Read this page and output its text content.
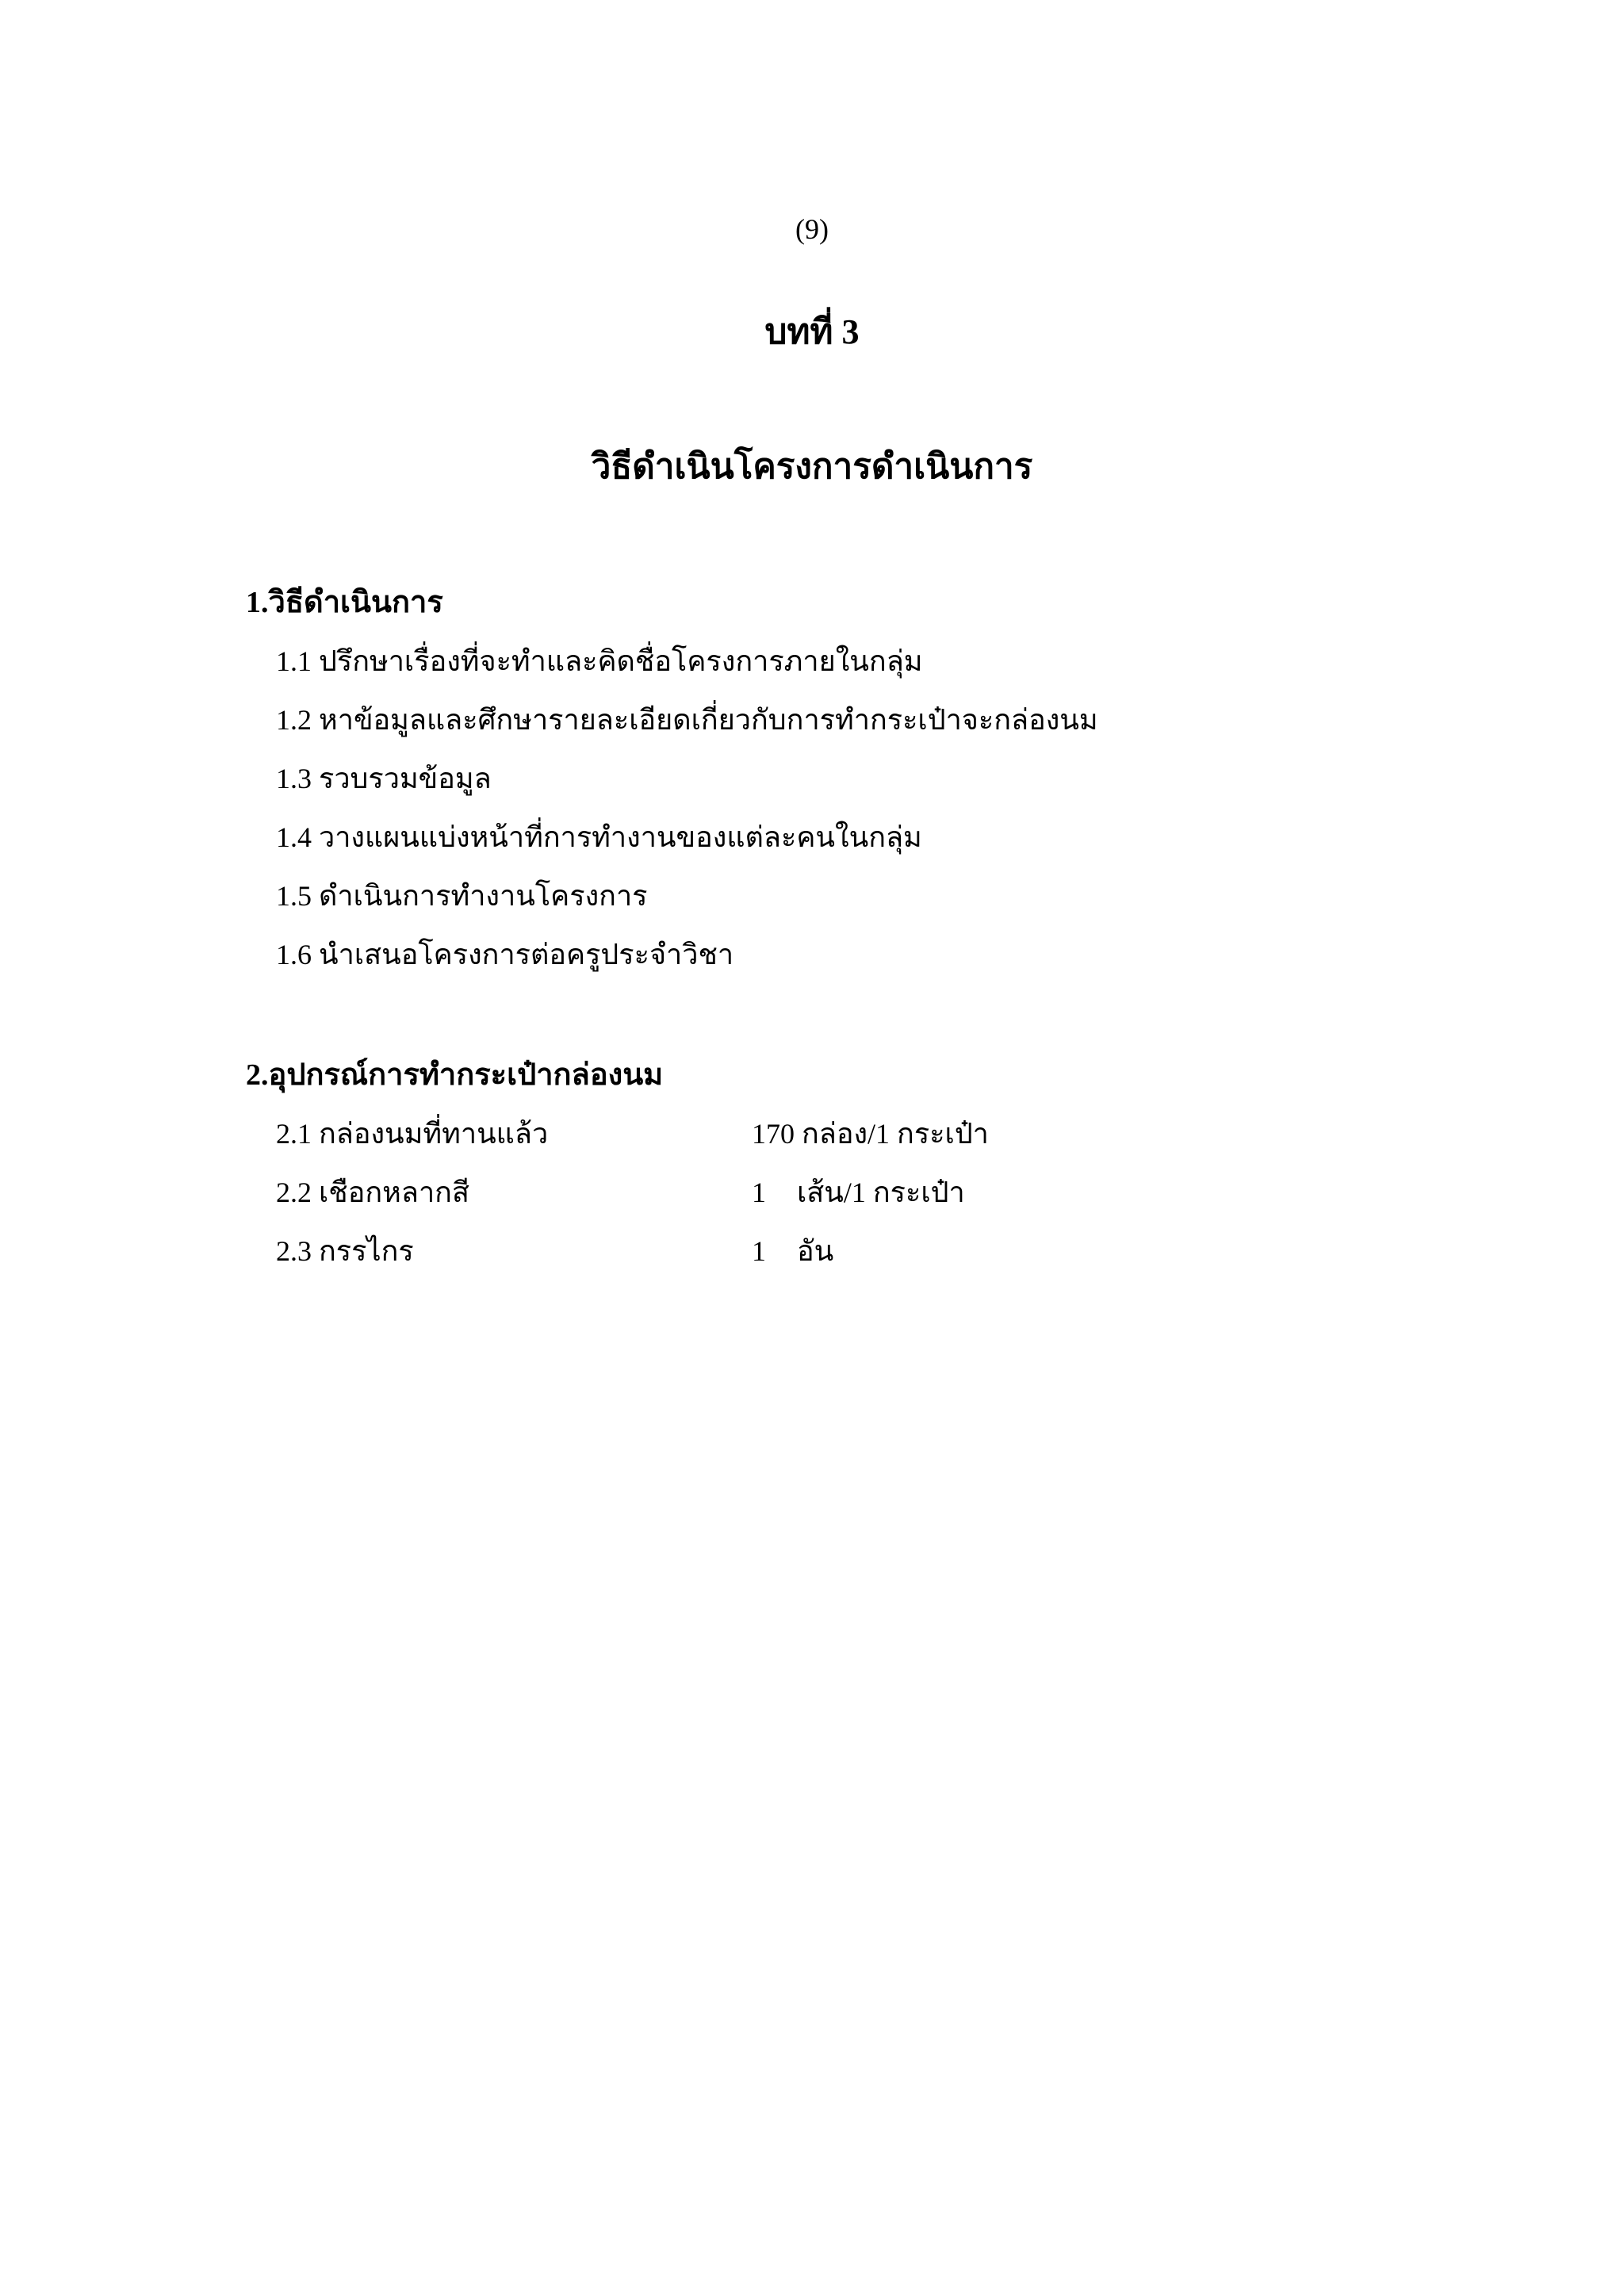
(9)
บทที่ 3
วิธีดำเนินโครงการดำเนินการ
1.วิธีดำเนินการ
1.1 ปรึกษาเรื่องที่จะทำและคิดชื่อโครงการภายในกลุ่ม
1.2 หาข้อมูลและศึกษารายละเอียดเกี่ยวกับการทำกระเป๋าจะกล่องนม
1.3 รวบรวมข้อมูล
1.4 วางแผนแบ่งหน้าที่การทำงานของแต่ละคนในกลุ่ม
1.5 ดำเนินการทำงานโครงการ
1.6 นำเสนอโครงการต่อครูประจำวิชา
2.อุปกรณ์การทำกระเป๋ากล่องนม
2.1 กล่องนมที่ทานแล้ว	170 กล่อง/1 กระเป๋า
2.2 เชือกหลากสี	1 เส้น/1 กระเป๋า
2.3 กรรไกร	1 อัน
